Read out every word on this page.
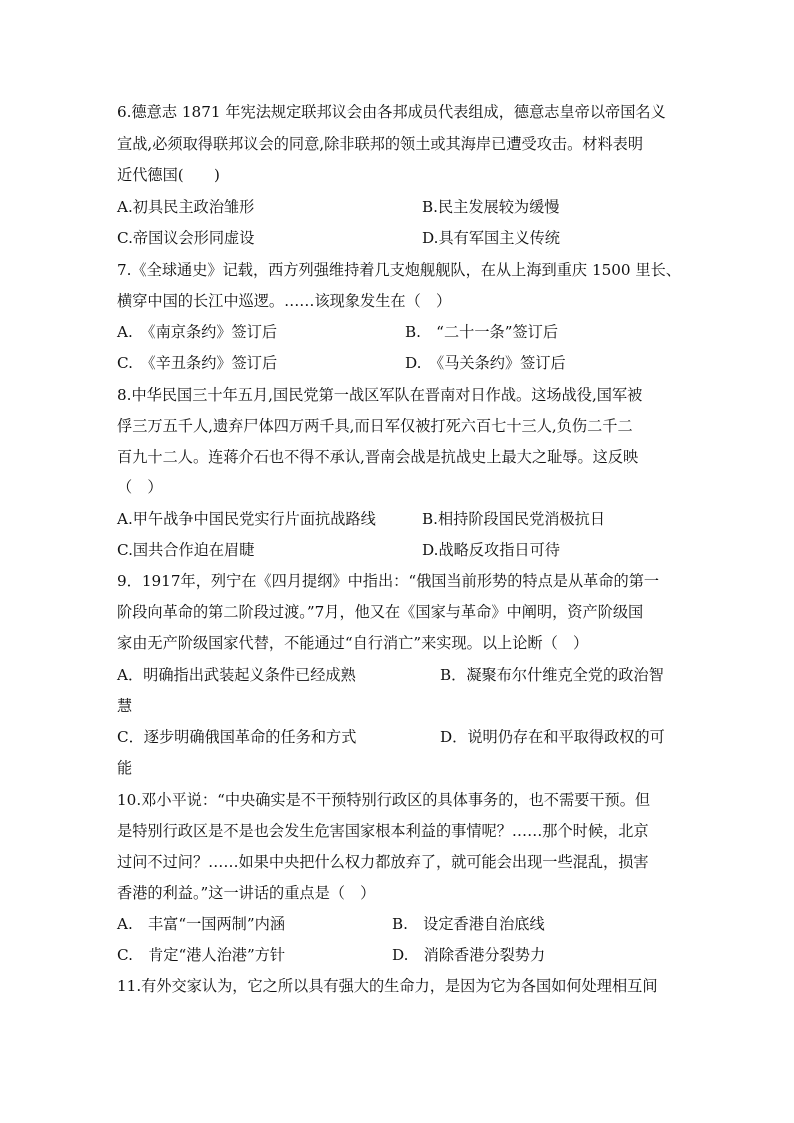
6.德意志 1871 年宪法规定联邦议会由各邦成员代表组成，德意志皇帝以帝国名义
宣战,必须取得联邦议会的同意,除非联邦的领土或其海岸已遭受攻击。材料表明
近代德国(　　)
A.初具民主政治雏形	B.民主发展较为缓慢
C.帝国议会形同虚设	D.具有军国主义传统
7.《全球通史》记载，西方列强维持着几支炮舰舰队，在从上海到重庆 1500 里长、
横穿中国的长江中巡逻。……该现象发生在（　）
A.　《南京条约》签订后	B.　“二十一条”签订后
C.　《辛丑条约》签订后	D.　《马关条约》签订后
8.中华民国三十年五月,国民党第一战区军队在晋南对日作战。这场战役,国军被
俘三万五千人,遗弃尸体四万两千具,而日军仅被打死六百七十三人,负伤二千二
百九十二人。连蒋介石也不得不承认,晋南会战是抗战史上最大之耻辱。这反映
（　）
A.甲午战争中国民党实行片面抗战路线	B.相持阶段国民党消极抗日
C.国共合作迫在眉睫	D.战略反攻指日可待
9．1917年，列宁在《四月提纲》中指出：“俄国当前形势的特点是从革命的第一
阶段向革命的第二阶段过渡。”7月，他又在《国家与革命》中阐明，资产阶级国
家由无产阶级国家代替，不能通过“自行消亡”来实现。以上论断（　）
A．明确指出武装起义条件已经成熟	B．凝聚布尔什维克全党的政治智
慧
C．逐步明确俄国革命的任务和方式	D．说明仍存在和平取得政权的可
能
10.邓小平说：“中央确实是不干预特别行政区的具体事务的，也不需要干预。但
是特别行政区是不是也会发生危害国家根本利益的事情呢？……那个时候，北京
过问不过问？……如果中央把什么权力都放弃了，就可能会出现一些混乱，损害
香港的利益。”这一讲话的重点是（　）
A.　丰富“一国两制”内涵	B.　设定香港自治底线
C.　肯定“港人治港”方针	D.　消除香港分裂势力
11.有外交家认为，它之所以具有强大的生命力，是因为它为各国如何处理相互间
